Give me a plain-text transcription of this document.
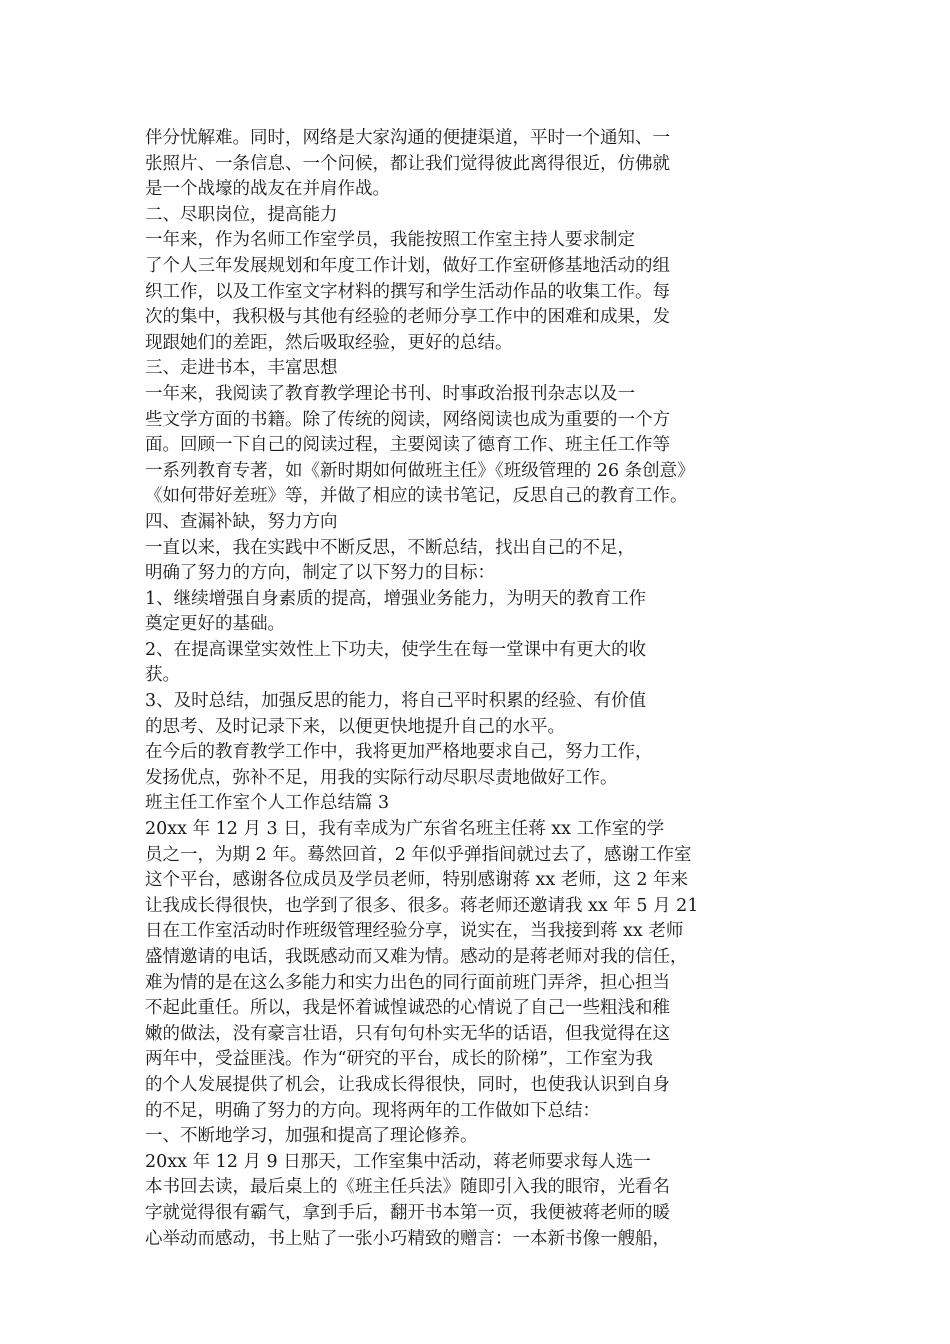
伴分忧解难。同时，网络是大家沟通的便捷渠道，平时一个通知、一

张照片、一条信息、一个问候，都让我们觉得彼此离得很近，仿佛就

是一个战壕的战友在并肩作战。

二、尽职岗位，提高能力

一年来，作为名师工作室学员，我能按照工作室主持人要求制定

了个人三年发展规划和年度工作计划，做好工作室研修基地活动的组

织工作，以及工作室文字材料的撰写和学生活动作品的收集工作。每

次的集中，我积极与其他有经验的老师分享工作中的困难和成果，发

现跟她们的差距，然后吸取经验，更好的总结。

三、走进书本，丰富思想

一年来，我阅读了教育教学理论书刊、时事政治报刊杂志以及一

些文学方面的书籍。除了传统的阅读，网络阅读也成为重要的一个方

面。回顾一下自己的阅读过程，主要阅读了德育工作、班主任工作等

一系列教育专著，如《新时期如何做班主任》《班级管理的 26 条创意》

《如何带好差班》等，并做了相应的读书笔记，反思自己的教育工作。

四、查漏补缺，努力方向

一直以来，我在实践中不断反思，不断总结，找出自己的不足，

明确了努力的方向，制定了以下努力的目标：

1、继续增强自身素质的提高，增强业务能力，为明天的教育工作

奠定更好的基础。

2、在提高课堂实效性上下功夫，使学生在每一堂课中有更大的收

获。

3、及时总结，加强反思的能力，将自己平时积累的经验、有价值

的思考、及时记录下来，以便更快地提升自己的水平。

在今后的教育教学工作中，我将更加严格地要求自己，努力工作，

发扬优点，弥补不足，用我的实际行动尽职尽责地做好工作。

班主任工作室个人工作总结篇 3

20xx 年 12 月 3 日，我有幸成为广东省名班主任蒋 xx 工作室的学

员之一，为期 2 年。蓦然回首，2 年似乎弹指间就过去了，感谢工作室

这个平台，感谢各位成员及学员老师，特别感谢蒋 xx 老师，这 2 年来

让我成长得很快，也学到了很多、很多。蒋老师还邀请我 xx 年 5 月 21

日在工作室活动时作班级管理经验分享，说实在，当我接到蒋 xx 老师

盛情邀请的电话，我既感动而又难为情。感动的是蒋老师对我的信任，

难为情的是在这么多能力和实力出色的同行面前班门弄斧，担心担当

不起此重任。所以，我是怀着诚惶诚恐的心情说了自己一些粗浅和稚

嫩的做法，没有豪言壮语，只有句句朴实无华的话语，但我觉得在这

两年中，受益匪浅。作为“研究的平台，成长的阶梯”，工作室为我

的个人发展提供了机会，让我成长得很快，同时，也使我认识到自身

的不足，明确了努力的方向。现将两年的工作做如下总结：

一、不断地学习，加强和提高了理论修养。

20xx 年 12 月 9 日那天，工作室集中活动，蒋老师要求每人选一

本书回去读，最后桌上的《班主任兵法》随即引入我的眼帘，光看名

字就觉得很有霸气，拿到手后，翻开书本第一页，我便被蒋老师的暖

心举动而感动，书上贴了一张小巧精致的赠言：一本新书像一艘船，
